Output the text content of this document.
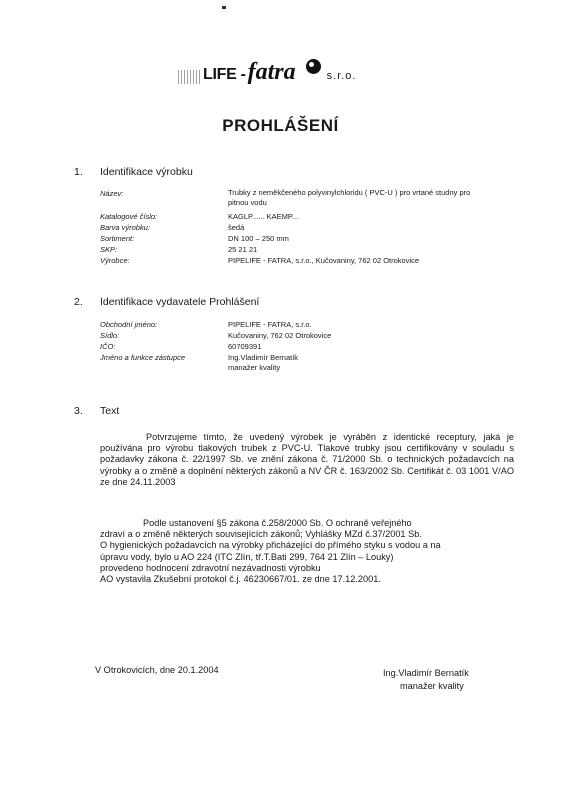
LIFE - fatra	s.r.o.
PROHLÁŠENÍ
1. Identifikace výrobku
Název:	Trubky z neměkčeného polyvinylchloridu ( PVC-U ) pro vrtané studny pro pitnou vodu
Katalogové číslo:	KAGLP...... KAEMP...
Barva výrobku:	šedá
Sortiment:	DN 100 – 250 mm
SKP:	25 21 21
Výrobce:	PIPELIFE - FATRA, s.r.o., Kučovaniny, 762 02 Otrokovice
2. Identifikace vydavatele Prohlášení
Obchodní jméno:	PIPELIFE - FATRA, s.r.o.
Sídlo:	Kučovaniny, 762 02 Otrokovice
IČO:	60709391
Jméno a funkce zástupce	Ing.Vladimír Bernatík
manažer kvality
3. Text
Potvrzujeme tímto, že uvedený výrobek je vyráběn z identické receptury, jaká je používána pro výrobu tlakových trubek z PVC-U. Tlakové trubky jsou certifikovány v souladu s požadavky zákona č. 22/1997 Sb. ve znění zákona č. 71/2000 Sb. o technických požadavcích na výrobky a o změně a doplnění některých zákonů a NV ČR č. 163/2002 Sb. Certifikát č. 03 1001 V/AO ze dne 24.11.2003
Podle ustanovení §5 zákona č.258/2000 Sb. O ochraně veřejného
zdraví a o změně některých souvisejících zákonů; Vyhlášky MZd č.37/2001 Sb.
O hygienických požadavcích na výrobky přicházející do přímého styku s vodou a na
úpravu vody, bylo u AO 224 (ITC Zlín, tř.T.Bati 299, 764 21 Zlín – Louky)
provedeno hodnocení zdravotní nezávadnosti výrobku
AO vystavila Zkušební protokol č.j. 46230667/01. ze dne 17.12.2001.
V Otrokovicích, dne 20.1.2004	Ing.Vladimír Bernatík
manažer kvality
